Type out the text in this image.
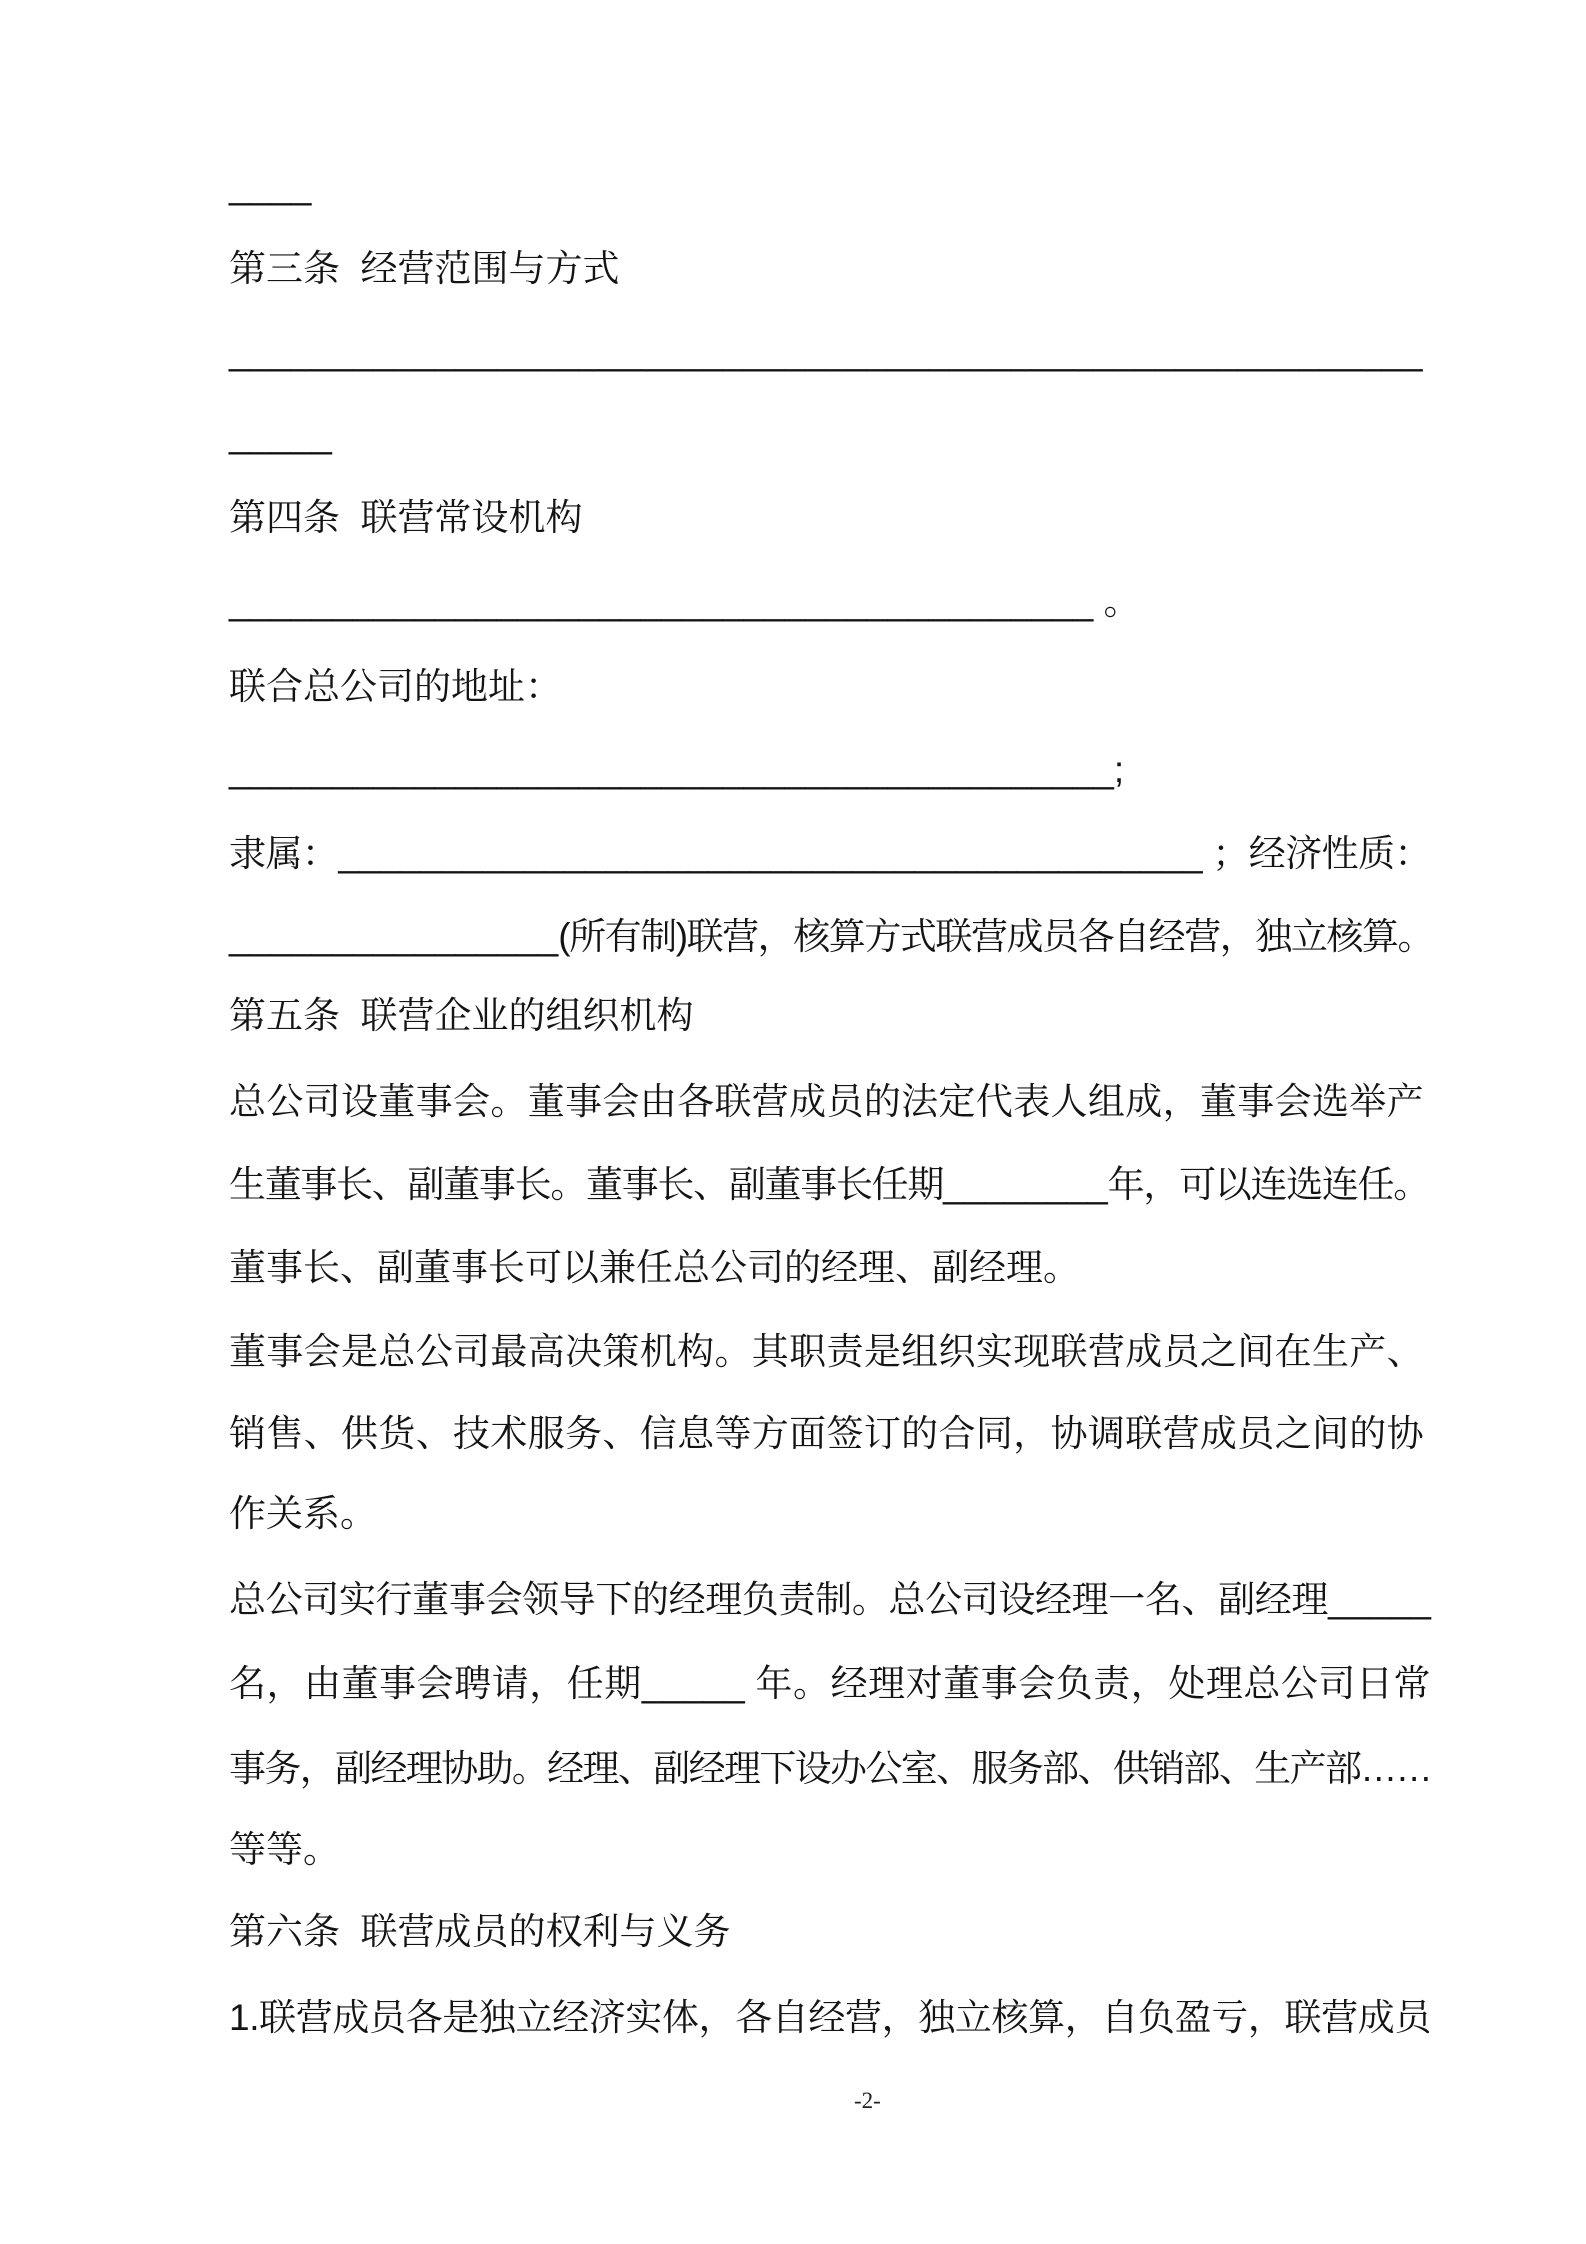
____
第三条  经营范围与方式
__________________________________________________________
_____
第四条  联营常设机构
__________________________________________ 。
联合总公司的地址：
___________________________________________;
隶属：__________________________________________ ；经济性质：
________________(所有制)联营，核算方式联营成员各自经营，独立核算。
第五条  联营企业的组织机构
总公司设董事会。董事会由各联营成员的法定代表人组成，董事会选举产
生董事长、副董事长。董事长、副董事长任期________年，可以连选连任。
董事长、副董事长可以兼任总公司的经理、副经理。
董事会是总公司最高决策机构。其职责是组织实现联营成员之间在生产、
销售、供货、技术服务、信息等方面签订的合同，协调联营成员之间的协
作关系。
总公司实行董事会领导下的经理负责制。总公司设经理一名、副经理_____
名，由董事会聘请，任期_____ 年。经理对董事会负责，处理总公司日常
事务，副经理协助。经理、副经理下设办公室、服务部、供销部、生产部……
等等。
第六条  联营成员的权利与义务
1.联营成员各是独立经济实体，各自经营，独立核算，自负盈亏，联营成员
-2-
